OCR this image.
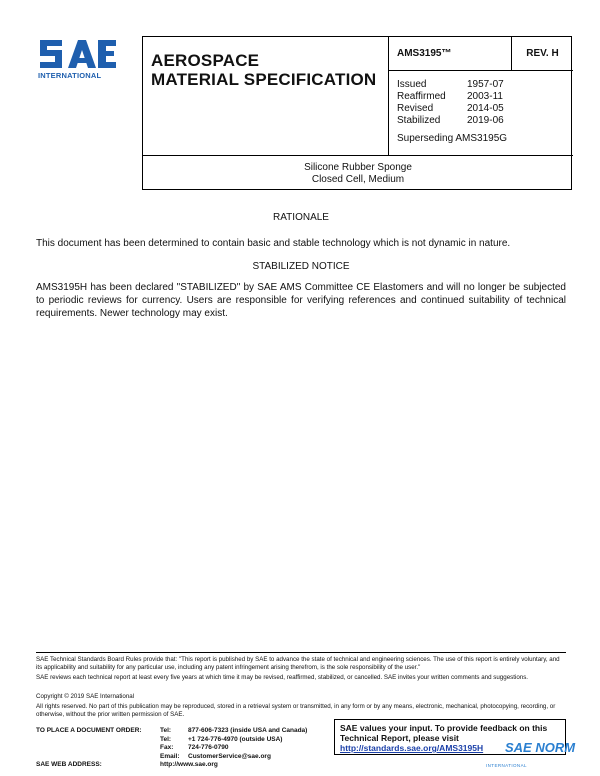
SAE
INTERNATIONAL
AEROSPACE
MATERIAL SPECIFICATION
AMS3195™	REV. H
Issued	1957-07
Reaffirmed	2003-11
Revised	2014-05
Stabilized	2019-06
Superseding AMS3195G
Silicone Rubber Sponge
Closed Cell, Medium
RATIONALE
This document has been determined to contain basic and stable technology which is not dynamic in nature.
STABILIZED NOTICE
AMS3195H has been declared "STABILIZED" by SAE AMS Committee CE Elastomers and will no longer be subjected to periodic reviews for currency. Users are responsible for verifying references and continued suitability of technical requirements. Newer technology may exist.
SAE Technical Standards Board Rules provide that: "This report is published by SAE to advance the state of technical and engineering sciences. The use of this report is entirely voluntary, and its applicability and suitability for any particular use, including any patent infringement arising therefrom, is the sole responsibility of the user."
SAE reviews each technical report at least every five years at which time it may be revised, reaffirmed, stabilized, or cancelled. SAE invites your written comments and suggestions.
Copyright © 2019 SAE International
All rights reserved. No part of this publication may be reproduced, stored in a retrieval system or transmitted, in any form or by any means, electronic, mechanical, photocopying, recording, or otherwise, without the prior written permission of SAE.
TO PLACE A DOCUMENT ORDER:	Tel:	877-606-7323 (inside USA and Canada)
Tel:	+1 724-776-4970 (outside USA)
Fax:	724-776-0790
Email:	CustomerService@sae.org
SAE WEB ADDRESS:	http://www.sae.org
SAE values your input. To provide feedback on this
Technical Report, please visit
http://standards.sae.org/AMS3195H	SAE NORM
INTERNATIONAL
